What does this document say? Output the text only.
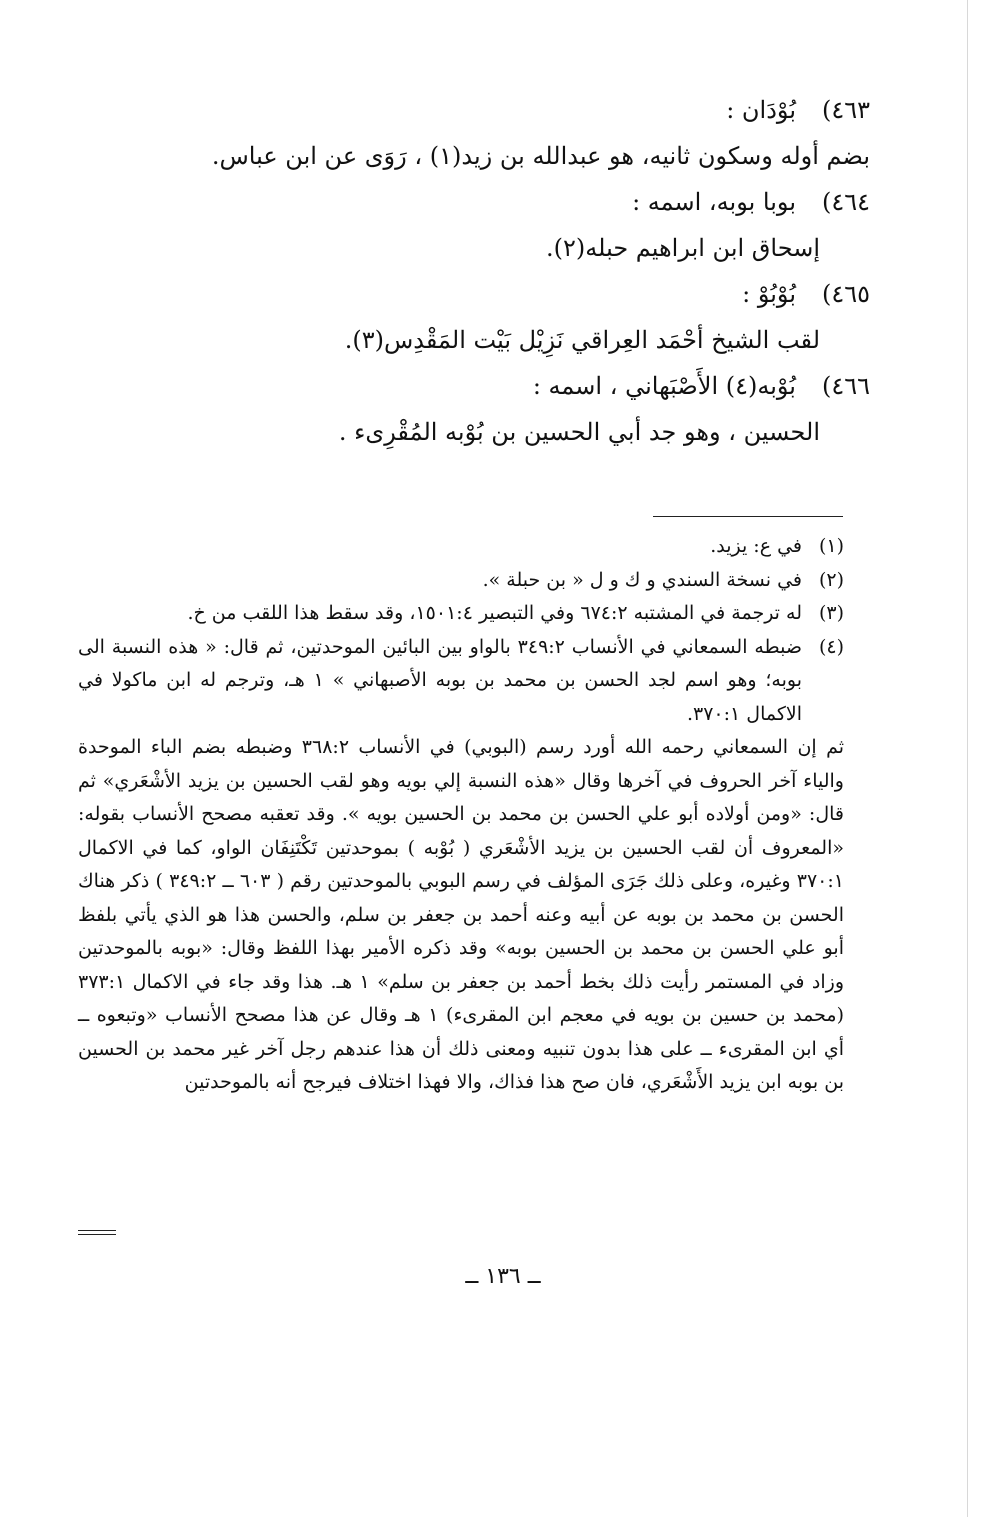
٤٦٣)
بُوْدَان :
بضم أوله وسكون ثانيه، هو عبدالله بن زيد(١) ، رَوَى عن ابن عباس.
٤٦٤)
بوبا بوبه، اسمه :
إسحاق ابن ابراهيم حبله(٢).
٤٦٥)
بُوْبُوْ :
لقب الشيخ أحْمَد العِراقي نَزِيْل بَيْت المَقْدِس(٣).
٤٦٦)
بُوْبه(٤) الأَصْبَهاني ، اسمه :
الحسين ، وهو جد أبي الحسين بن بُوْبه المُقْرِىء .
(١)
في ع: يزيد.
(٢)
في نسخة السندي و ك و ل « بن حبلة ».
(٣)
له ترجمة في المشتبه ٦٧٤:٢ وفي التبصير ١٥٠١:٤، وقد سقط هذا اللقب من خ.
(٤)
ضبطه السمعاني في الأنساب ٣٤٩:٢ بالواو بين البائين الموحدتين، ثم قال: « هذه النسبة الى بوبه؛ وهو اسم لجد الحسن بن محمد بن بوبه الأصبهاني » ١ هـ، وترجم له ابن ماكولا في الاكمال ٣٧٠:١.
ثم إن السمعاني رحمه الله أورد رسم (البوبي) في الأنساب ٣٦٨:٢ وضبطه بضم الباء الموحدة والياء آخر الحروف في آخرها وقال «هذه النسبة إلي بويه وهو لقب الحسين بن يزيد الأشْعَري» ثم قال: «ومن أولاده أبو علي الحسن بن محمد بن الحسين بويه ». وقد تعقبه مصحح الأنساب بقوله: «المعروف أن لقب الحسين بن يزيد الأشْعَري ( بُوْبه ) بموحدتين تَكْتَنِفَان الواو، كما في الاكمال ٣٧٠:١ وغيره، وعلى ذلك جَرَى المؤلف في رسم البوبي بالموحدتين رقم ( ٦٠٣ ــ ٣٤٩:٢ ) ذكر هناك الحسن بن محمد بن بوبه عن أبيه وعنه أحمد بن جعفر بن سلم، والحسن هذا هو الذي يأتي بلفظ أبو علي الحسن بن محمد بن الحسين بوبه» وقد ذكره الأمير بهذا اللفظ وقال: «بوبه بالموحدتين وزاد في المستمر رأيت ذلك بخط أحمد بن جعفر بن سلم» ١ هـ. هذا وقد جاء في الاكمال ٣٧٣:١ (محمد بن حسين بن بويه في معجم ابن المقرىء) ١ هـ وقال عن هذا مصحح الأنساب «وتبعوه ــ أي ابن المقرىء ــ على هذا بدون تنبيه ومعنى ذلك أن هذا عندهم رجل آخر غير محمد بن الحسين بن بوبه ابن يزيد الأَشْعَري، فان صح هذا فذاك، والا فهذا اختلاف فيرجح أنه بالموحدتين
ــ ١٣٦ ــ
